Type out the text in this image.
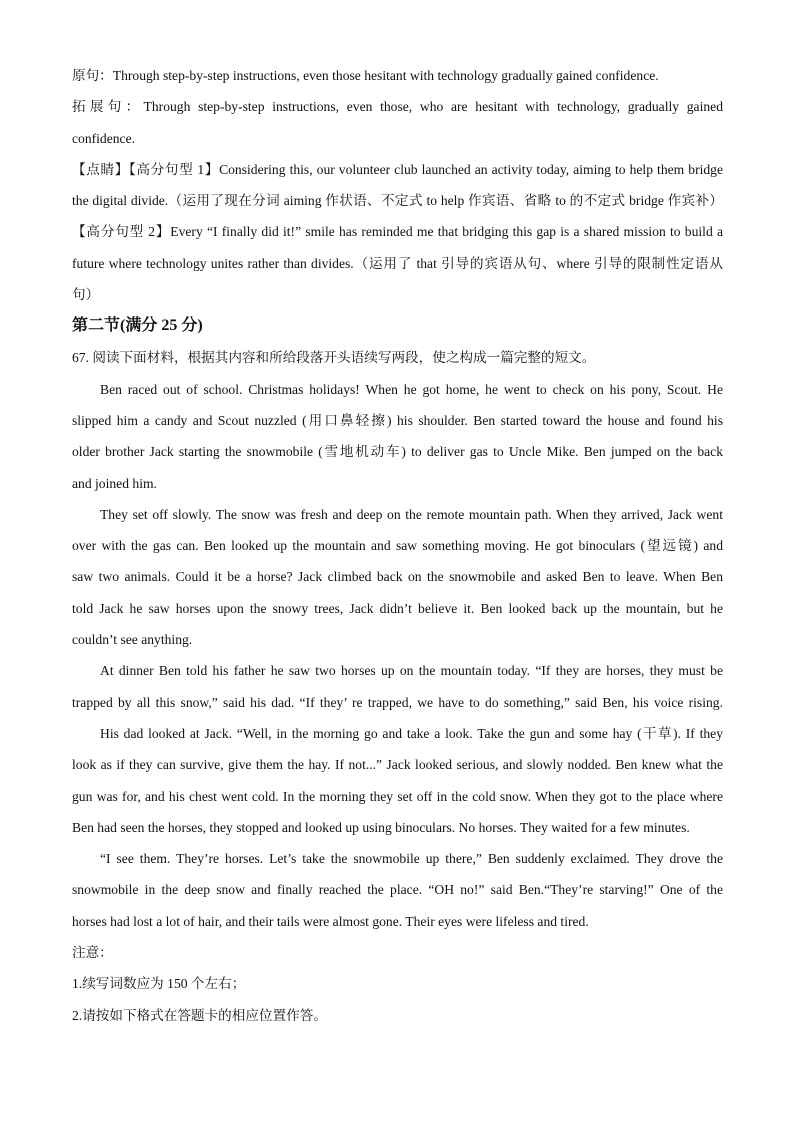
原句：Through step-by-step instructions, even those hesitant with technology gradually gained confidence.

拓展句：Through step-by-step instructions, even those, who are hesitant with technology, gradually gained

confidence.

【点睛】【高分句型 1】Considering this, our volunteer club launched an activity today, aiming to help them bridge

the digital divide.（运用了现在分词 aiming 作状语、不定式 to help 作宾语、省略 to 的不定式 bridge 作宾补）

【高分句型 2】Every “I finally did it!” smile has reminded me that bridging this gap is a shared mission to build a

future where technology unites rather than divides.（运用了 that 引导的宾语从句、where 引导的限制性定语从

句）

第二节(满分 25 分)

67. 阅读下面材料，根据其内容和所给段落开头语续写两段，使之构成一篇完整的短文。

Ben raced out of school. Christmas holidays! When he got home, he went to check on his pony, Scout. He

slipped him a candy and Scout nuzzled (用口鼻轻擦) his shoulder. Ben started toward the house and found his

older brother Jack starting the snowmobile (雪地机动车) to deliver gas to Uncle Mike. Ben jumped on the back

and joined him.

They set off slowly. The snow was fresh and deep on the remote mountain path. When they arrived, Jack went

over with the gas can. Ben looked up the mountain and saw something moving. He got binoculars (望远镜) and

saw two animals. Could it be a horse? Jack climbed back on the snowmobile and asked Ben to leave. When Ben

told Jack he saw horses upon the snowy trees, Jack didn’t believe it. Ben looked back up the mountain, but he

couldn’t see anything.

At dinner Ben told his father he saw two horses up on the mountain today. “If they are horses, they must be

trapped by all this snow,” said his dad. “If they’ re trapped, we have to do something,” said Ben, his voice rising.

His dad looked at Jack. “Well, in the morning go and take a look. Take the gun and some hay (干草). If they

look as if they can survive, give them the hay. If not...” Jack looked serious, and slowly nodded. Ben knew what the

gun was for, and his chest went cold. In the morning they set off in the cold snow. When they got to the place where

Ben had seen the horses, they stopped and looked up using binoculars. No horses. They waited for a few minutes.

“I see them. They’re horses. Let’s take the snowmobile up there,” Ben suddenly exclaimed. They drove the

snowmobile in the deep snow and finally reached the place. “OH no!” said Ben.“They’re starving!” One of the

horses had lost a lot of hair, and their tails were almost gone. Their eyes were lifeless and tired.

注意：

1.续写词数应为 150 个左右；

2.请按如下格式在答题卡的相应位置作答。
